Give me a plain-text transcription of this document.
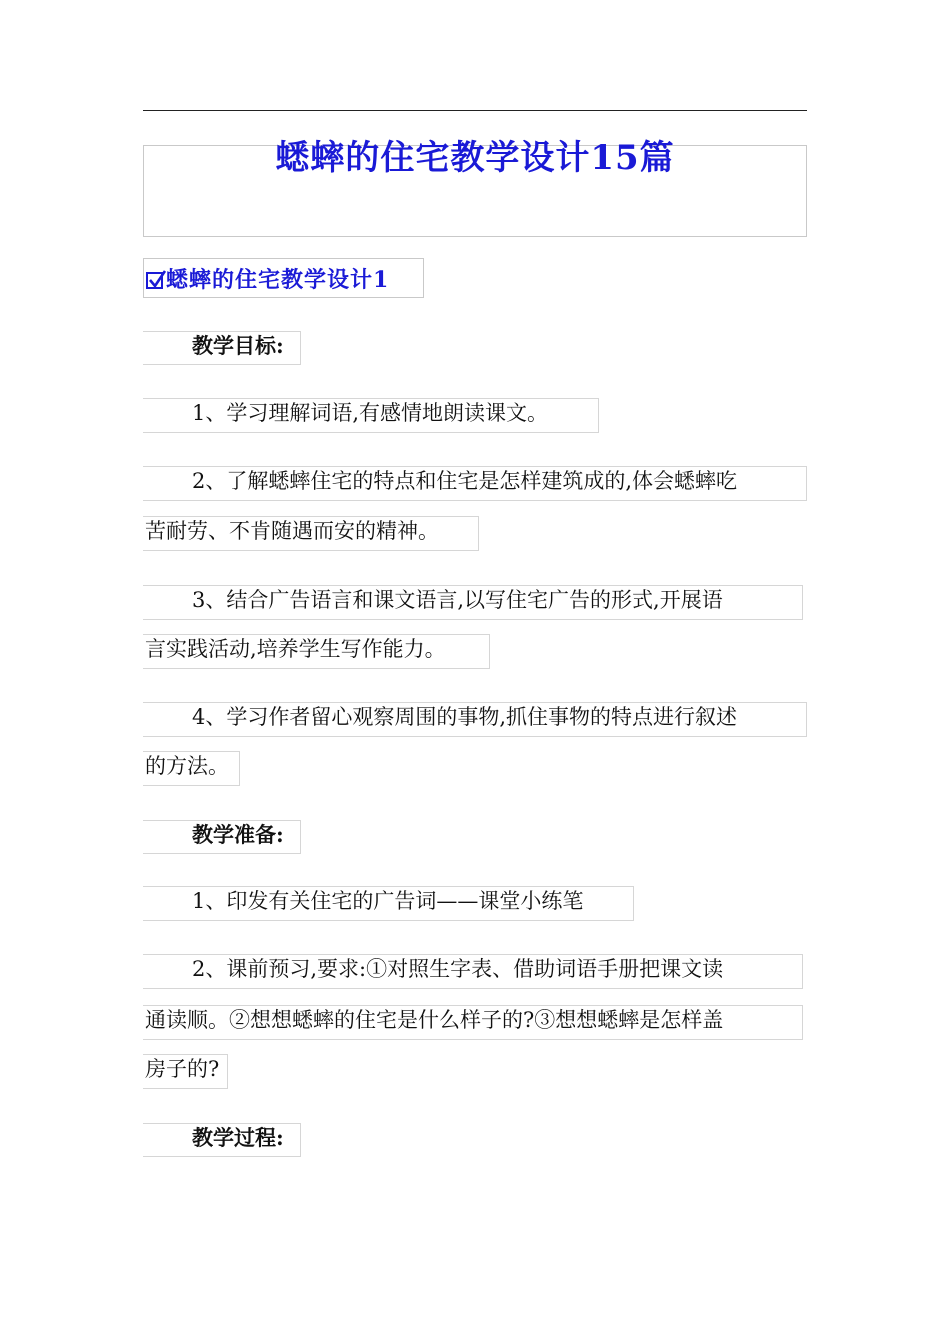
蟋蟀的住宅教学设计15篇
蟋蟀的住宅教学设计1
教学目标:
1、学习理解词语,有感情地朗读课文。
2、了解蟋蟀住宅的特点和住宅是怎样建筑成的,体会蟋蟀吃
苦耐劳、不肯随遇而安的精神。
3、结合广告语言和课文语言,以写住宅广告的形式,开展语
言实践活动,培养学生写作能力。
4、学习作者留心观察周围的事物,抓住事物的特点进行叙述
的方法。
教学准备:
1、印发有关住宅的广告词——课堂小练笔
2、课前预习,要求:①对照生字表、借助词语手册把课文读
通读顺。②想想蟋蟀的住宅是什么样子的?③想想蟋蟀是怎样盖
房子的?
教学过程:
